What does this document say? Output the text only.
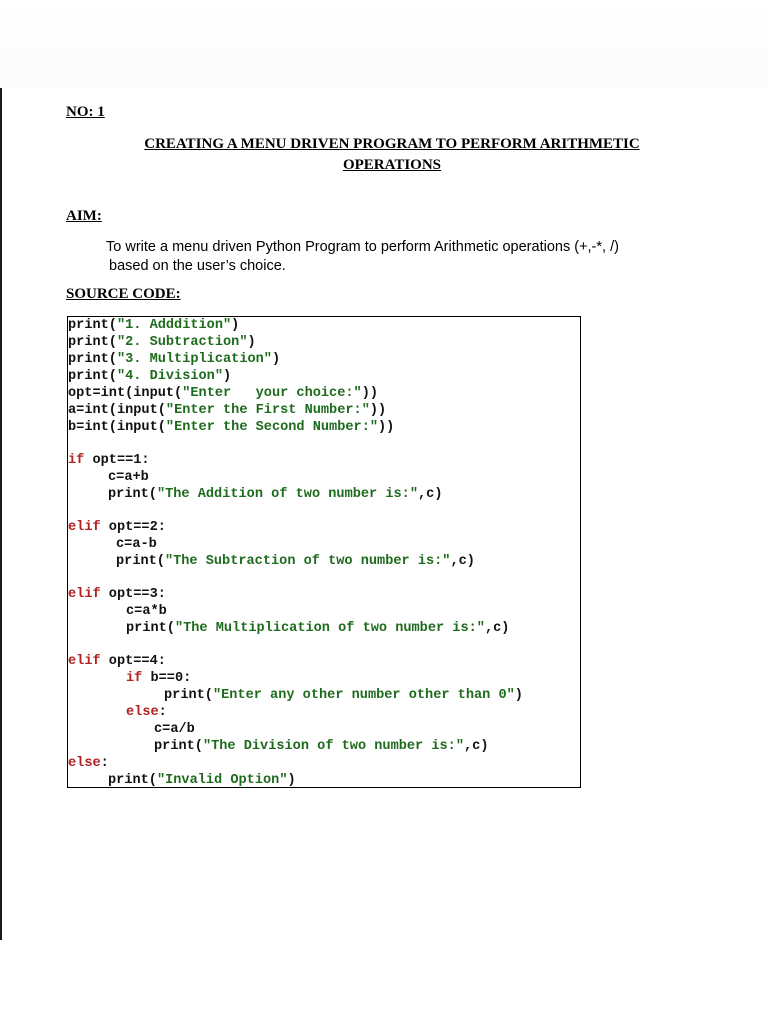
NO: 1
CREATING A MENU DRIVEN PROGRAM TO PERFORM ARITHMETIC
OPERATIONS
AIM:
To write a menu driven Python Program to perform Arithmetic operations (+,-*, /)
based on the user’s choice.
SOURCE CODE:
print("1. Adddition")
print("2. Subtraction")
print("3. Multiplication")
print("4. Division")
opt=int(input("Enter   your choice:"))
a=int(input("Enter the First Number:"))
b=int(input("Enter the Second Number:"))
if opt==1:
c=a+b
print("The Addition of two number is:",c)
elif opt==2:
c=a-b
print("The Subtraction of two number is:",c)
elif opt==3:
c=a*b
print("The Multiplication of two number is:",c)
elif opt==4:
if b==0:
print("Enter any other number other than 0")
else:
c=a/b
print("The Division of two number is:",c)
else:
print("Invalid Option")
